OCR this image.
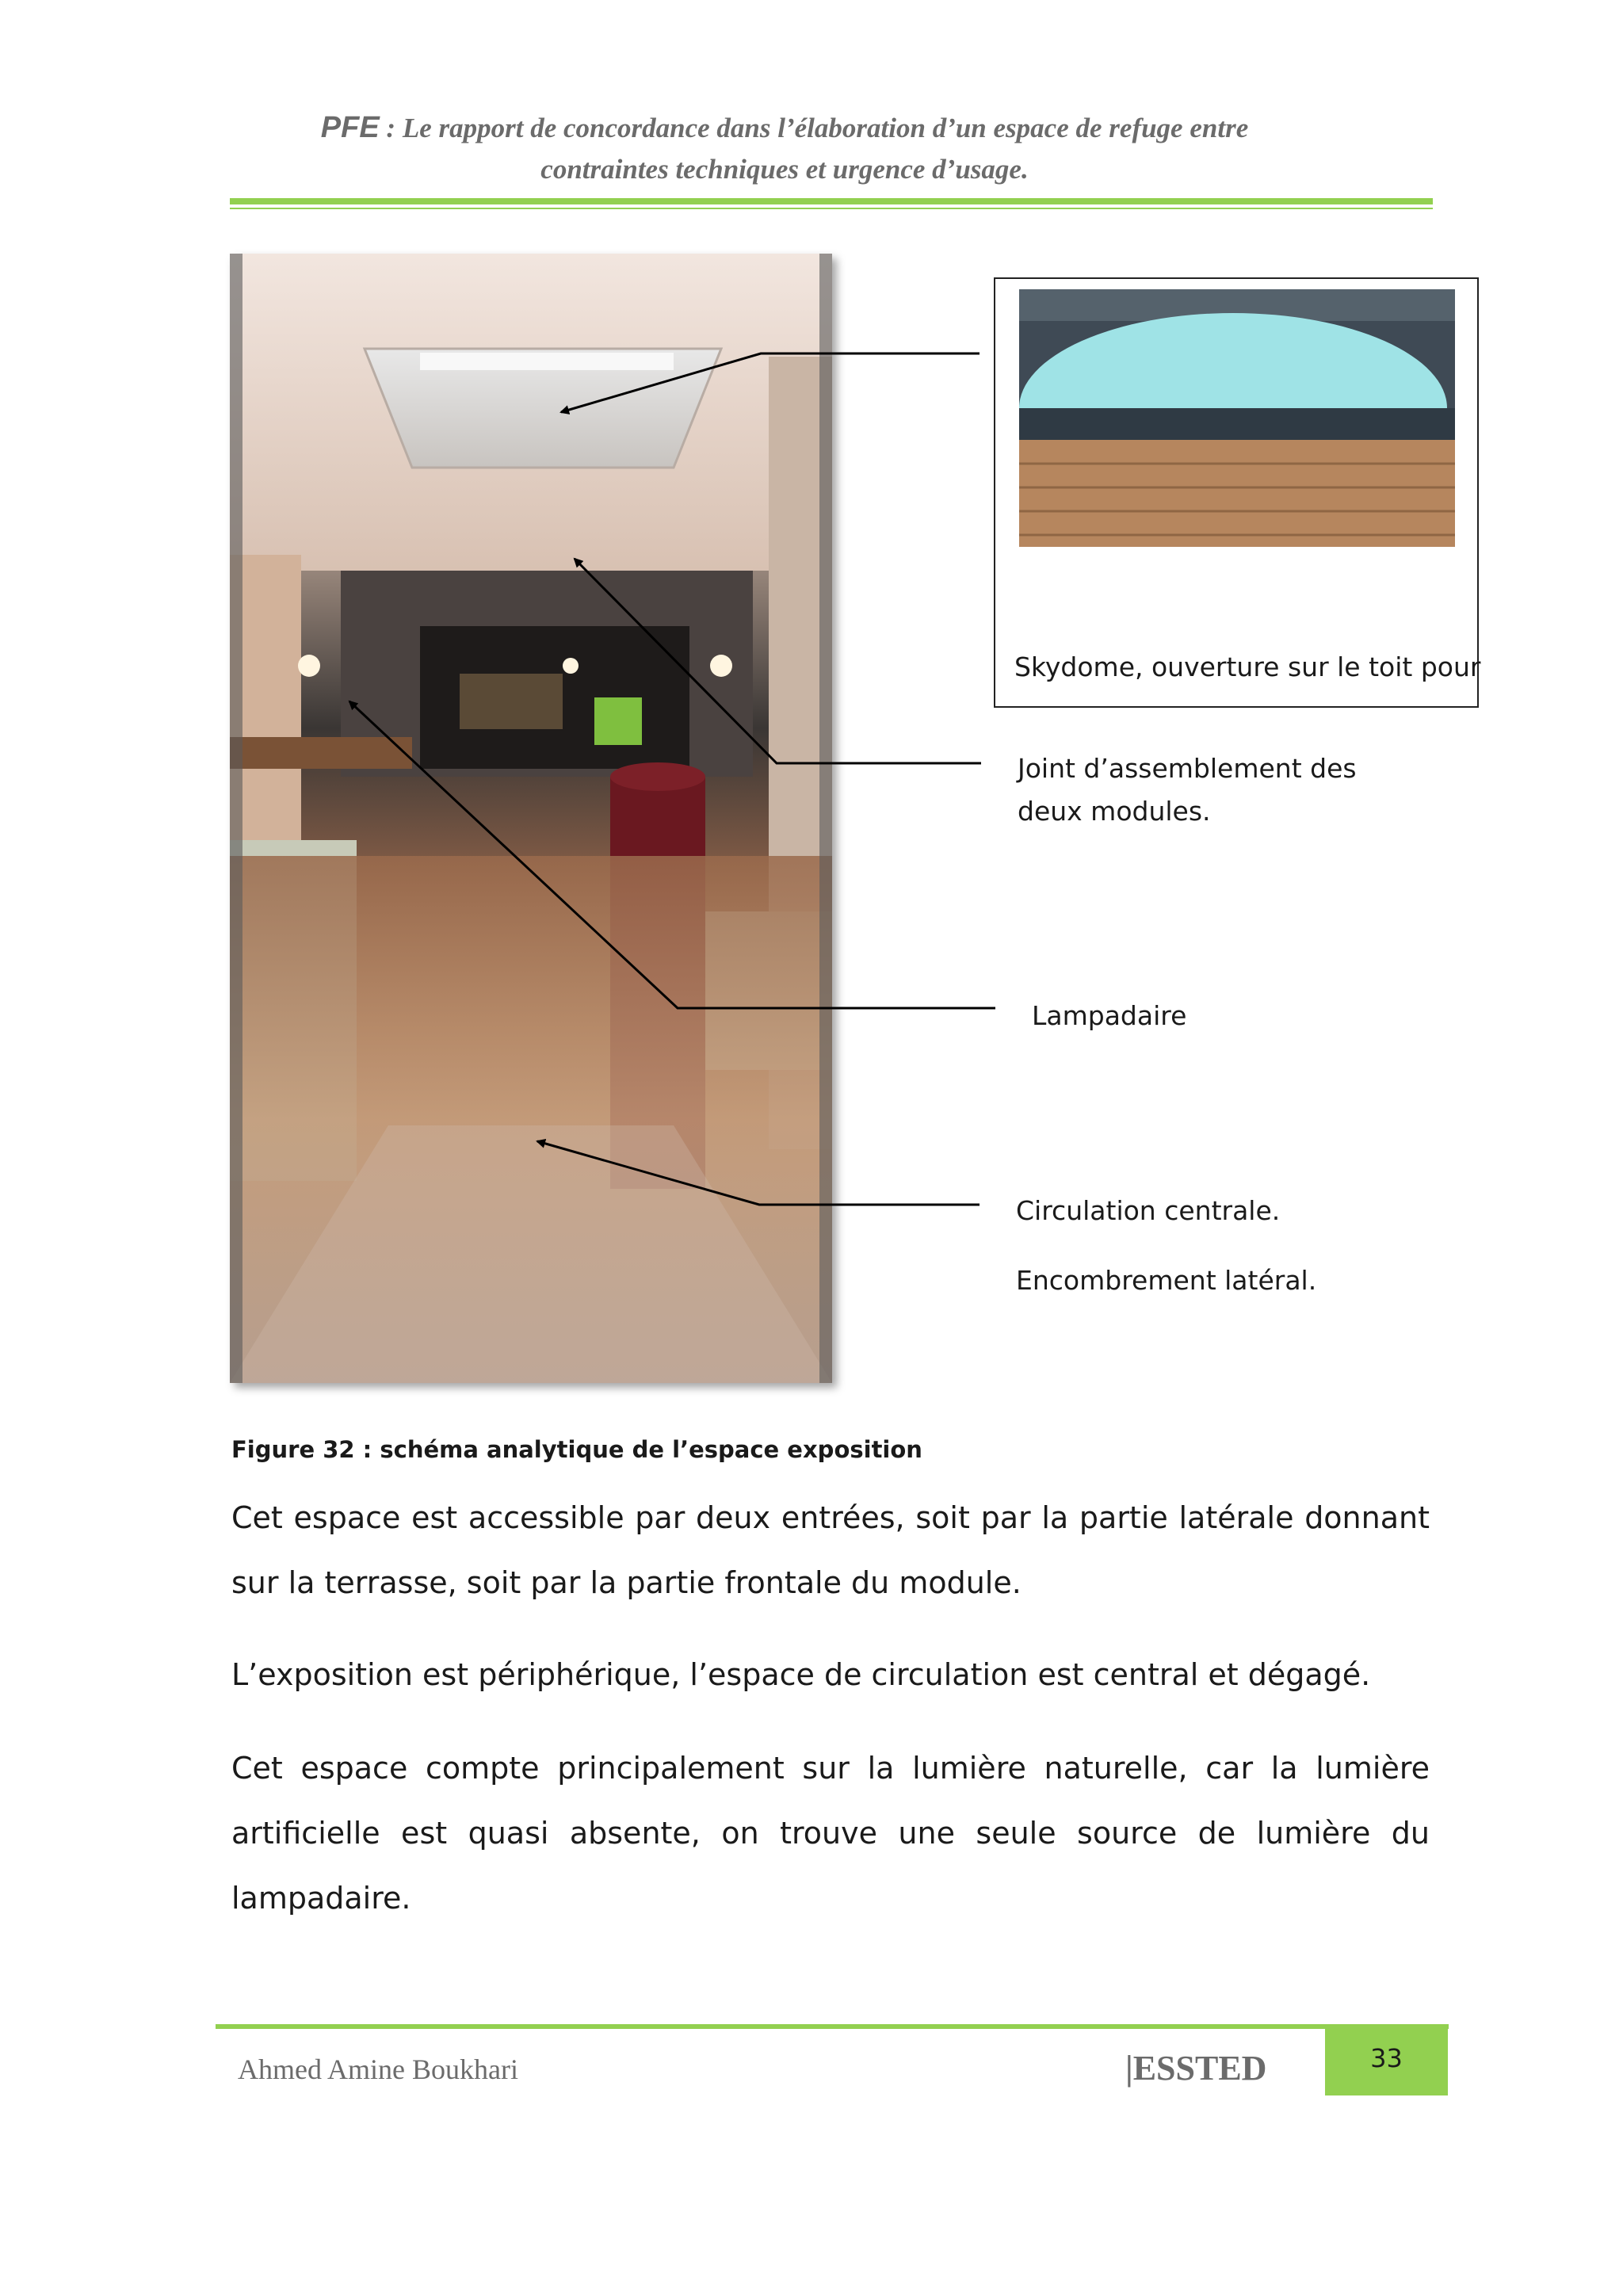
PFE : Le rapport de concordance dans l’élaboration d’un espace de refuge entre
contraintes techniques et urgence d’usage.
Skydome, ouverture sur le toit pour
Joint d’assemblement des
deux modules.
Lampadaire
Circulation centrale.
Encombrement latéral.
Figure 32 : schéma analytique de l’espace exposition

Cet espace est accessible par deux entrées, soit par la partie latérale donnant sur la terrasse, soit par la partie frontale du module.

L’exposition est périphérique, l’espace de circulation est central et dégagé.

Cet espace compte principalement sur la lumière naturelle, car la lumière artificielle est quasi absente, on trouve une seule source de lumière du lampadaire.

Ahmed Amine Boukhari	|ESSTED	33
